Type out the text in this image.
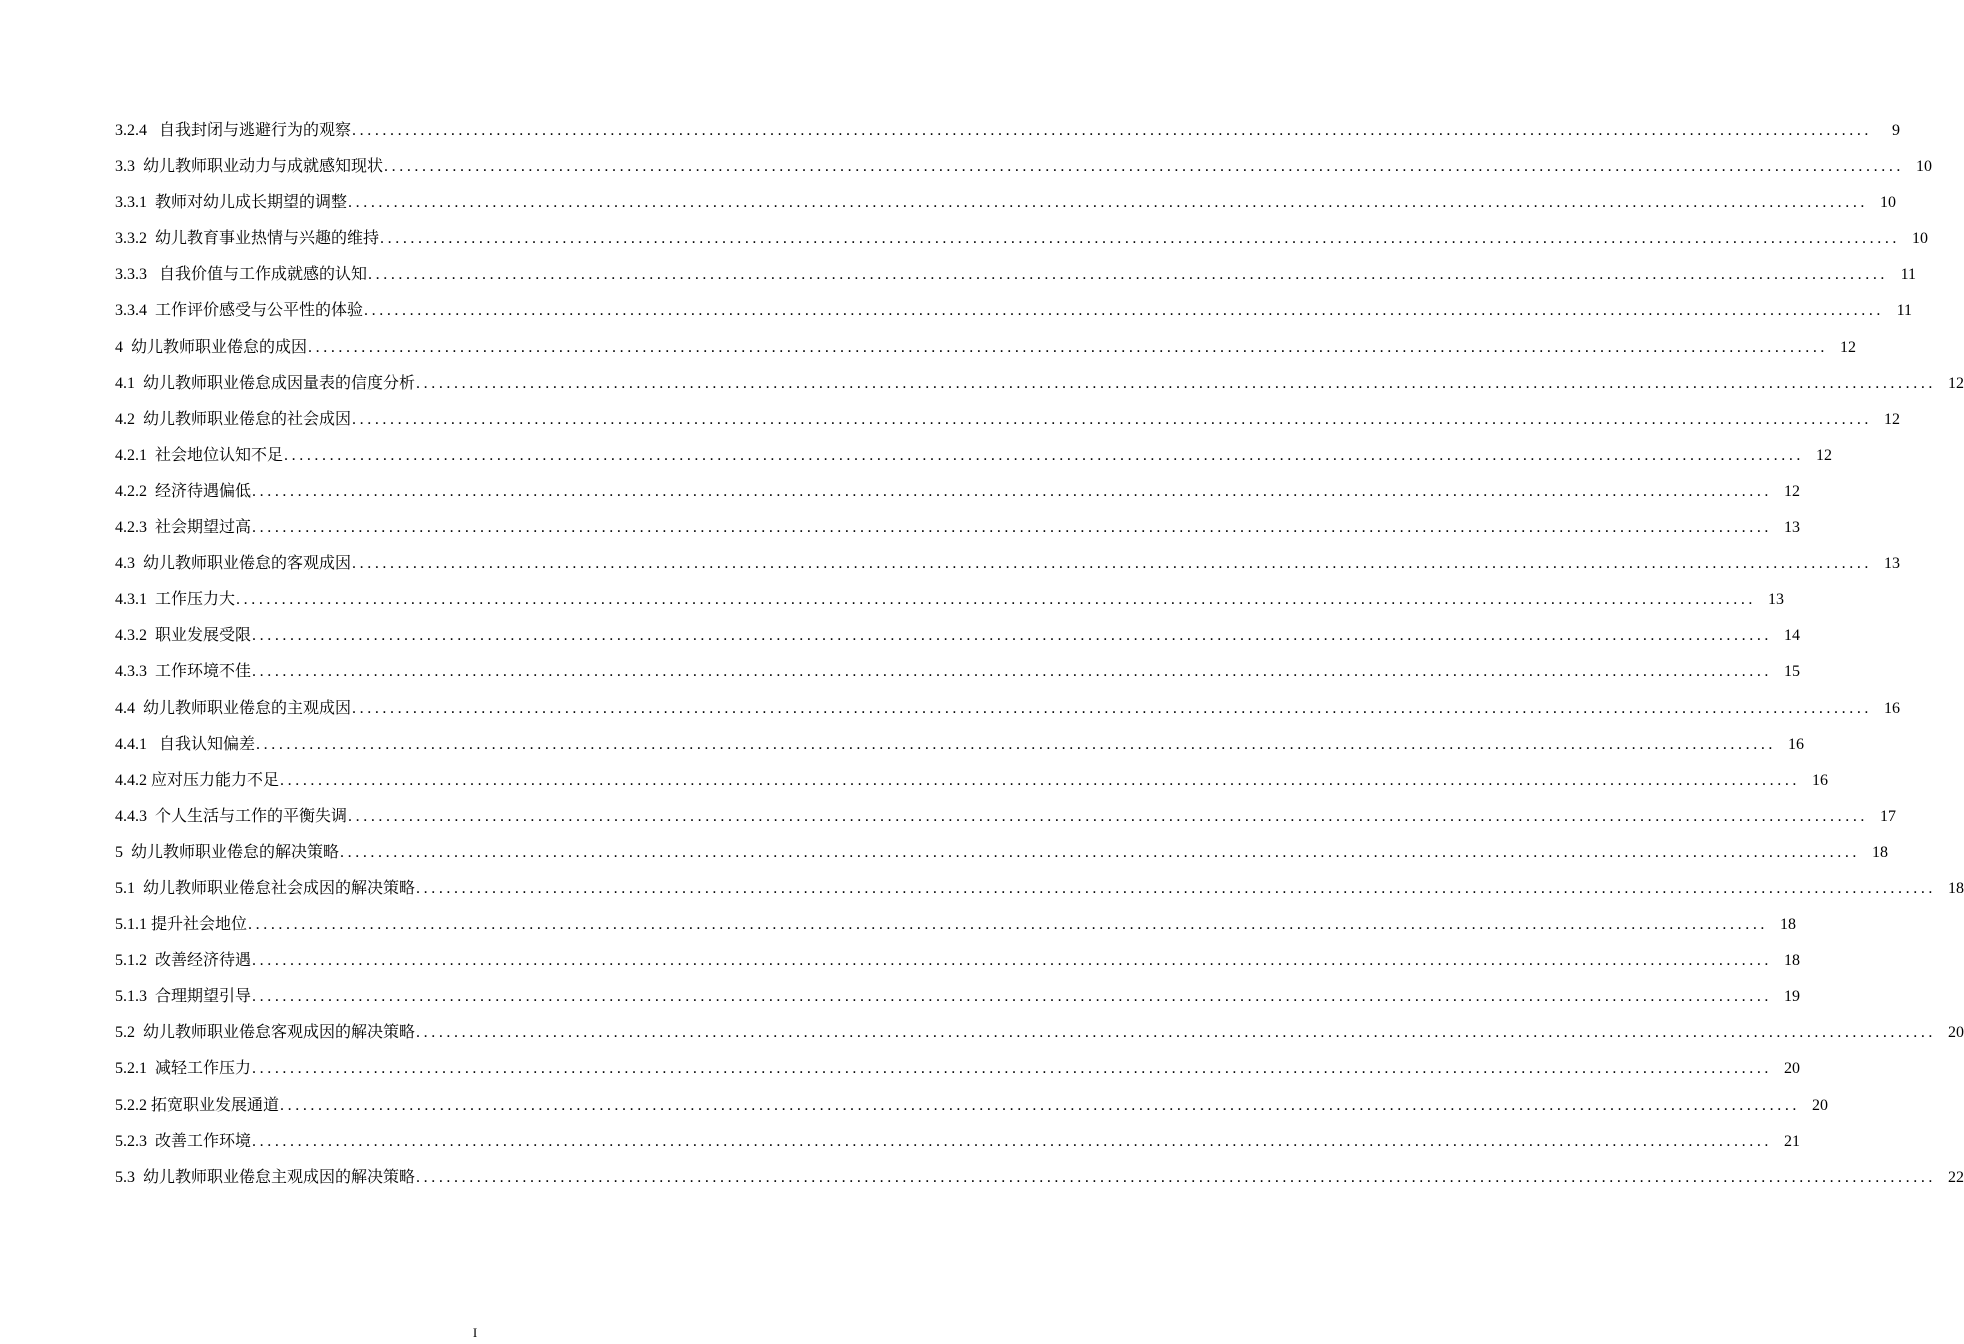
3.2.4 自我封闭与逃避行为的观察 ........................................................................................................................................................................................................	9
3.3 幼儿教师职业动力与成就感知现状 ........................................................................................................................................................................................................ 10
3.3.1 教师对幼儿成长期望的调整 ........................................................................................................................................................................................................ 10
3.3.2 幼儿教育事业热情与兴趣的维持 ........................................................................................................................................................................................................ 10
3.3.3 自我价值与工作成就感的认知 ........................................................................................................................................................................................................ 11
3.3.4 工作评价感受与公平性的体验 ........................................................................................................................................................................................................ 11
4 幼儿教师职业倦怠的成因 ........................................................................................................................................................................................................ 12
4.1 幼儿教师职业倦怠成因量表的信度分析 ........................................................................................................................................................................................................ 12
4.2 幼儿教师职业倦怠的社会成因 ........................................................................................................................................................................................................ 12
4.2.1 社会地位认知不足 ........................................................................................................................................................................................................ 12
4.2.2 经济待遇偏低 ........................................................................................................................................................................................................ 12
4.2.3 社会期望过高 ........................................................................................................................................................................................................ 13
4.3 幼儿教师职业倦怠的客观成因 ........................................................................................................................................................................................................ 13
4.3.1 工作压力大 ........................................................................................................................................................................................................ 13
4.3.2 职业发展受限 ........................................................................................................................................................................................................ 14
4.3.3 工作环境不佳 ........................................................................................................................................................................................................ 15
4.4 幼儿教师职业倦怠的主观成因 ........................................................................................................................................................................................................ 16
4.4.1 自我认知偏差 ........................................................................................................................................................................................................ 16
4.4.2 应对压力能力不足 ........................................................................................................................................................................................................ 16
4.4.3 个人生活与工作的平衡失调 ........................................................................................................................................................................................................ 17
5 幼儿教师职业倦怠的解决策略 ........................................................................................................................................................................................................ 18
5.1 幼儿教师职业倦怠社会成因的解决策略 ........................................................................................................................................................................................................ 18
5.1.1 提升社会地位 ........................................................................................................................................................................................................ 18
5.1.2 改善经济待遇 ........................................................................................................................................................................................................ 18
5.1.3 合理期望引导 ........................................................................................................................................................................................................ 19
5.2 幼儿教师职业倦怠客观成因的解决策略 ........................................................................................................................................................................................................ 20
5.2.1 减轻工作压力 ........................................................................................................................................................................................................ 20
5.2.2 拓宽职业发展通道 ........................................................................................................................................................................................................ 20
5.2.3 改善工作环境 ........................................................................................................................................................................................................ 21
5.3 幼儿教师职业倦怠主观成因的解决策略 ........................................................................................................................................................................................................ 22
I
